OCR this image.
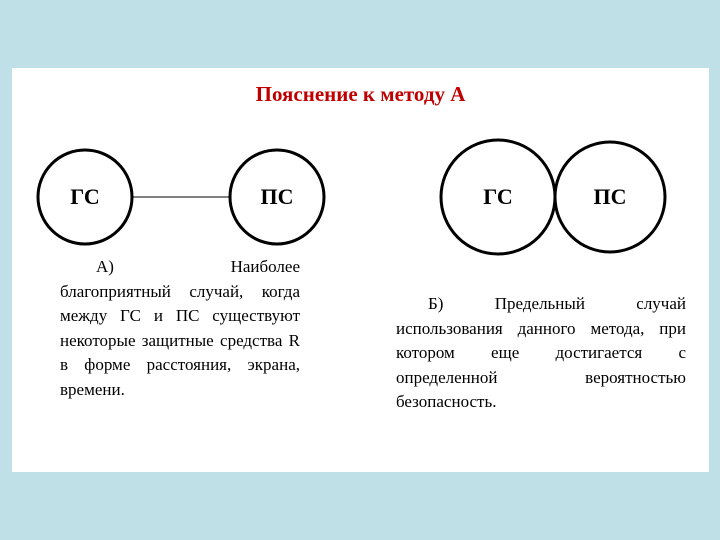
Пояснение к методу А
ГС	ПС	ГС	ПС

А) Наиболее благоприятный случай, когда между ГС и ПС существуют некоторые защитные средства R в форме расстояния, экрана, времени.

Б) Предельный случай использования данного метода, при котором еще достигается с определенной вероятностью безопасность.
